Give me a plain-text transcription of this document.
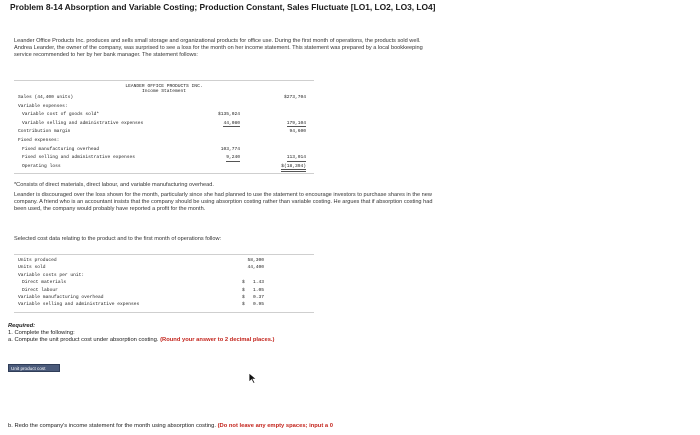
Problem 8-14 Absorption and Variable Costing; Production Constant, Sales Fluctuate [LO1, LO2, LO3, LO4]
Leander Office Products Inc. produces and sells small storage and organizational products for office use. During the first month of operations, the products sold well. Andrea Leander, the owner of the company, was surprised to see a loss for the month on her income statement. This statement was prepared by a local bookkeeping service recommended to her by her bank manager. The statement follows:
LEANDER OFFICE PRODUCTS INC.
Income Statement
Sales (44,400 units)	$273,704
Variable expenses:
Variable cost of goods sold*	$135,024
Variable selling and administrative expenses	44,080	179,104
Contribution margin	94,600
Fixed expenses:
Fixed manufacturing overhead	103,774
Fixed selling and administrative expenses	9,240	113,014
Operating loss	$(18,394)
*Consists of direct materials, direct labour, and variable manufacturing overhead.
Leander is discouraged over the loss shown for the month, particularly since she had planned to use the statement to encourage investors to purchase shares in the new company. A friend who is an accountant insists that the company should be using absorption costing rather than variable costing. He argues that if absorption costing had been used, the company would probably have reported a profit for the month.
Selected cost data relating to the product and to the first month of operations follow:
Units produced	58,300
Units sold	44,400
Variable costs per unit:
Direct materials	$   1.43
Direct labour	$   1.05
Variable manufacturing overhead	$   0.37
Variable selling and administrative expenses	$   0.95
Required:
1. Complete the following:
a. Compute the unit product cost under absorption costing. (Round your answer to 2 decimal places.)
Unit product cost
b. Redo the company's income statement for the month using absorption costing. (Do not leave any empty spaces; input a 0
